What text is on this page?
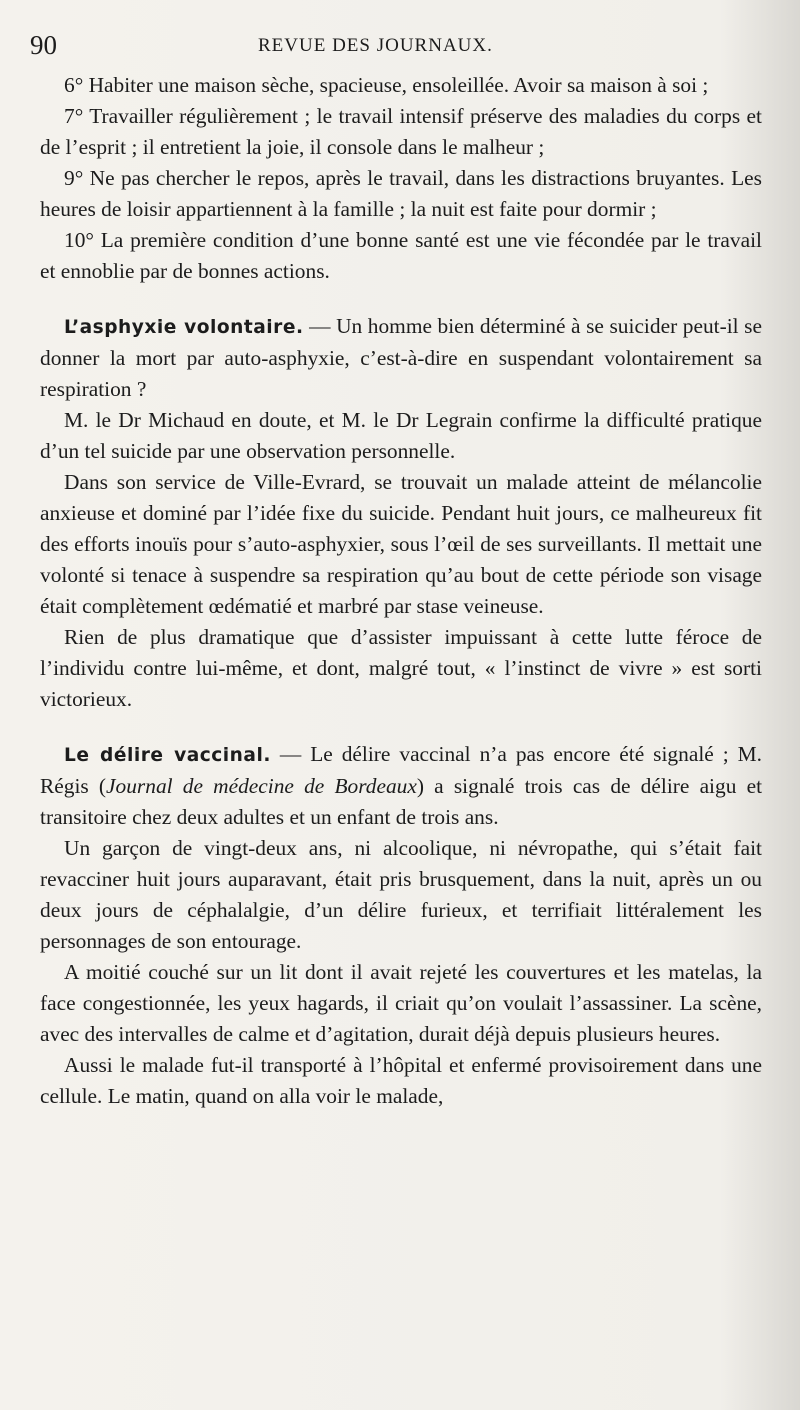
90	REVUE DES JOURNAUX.

6° Habiter une maison sèche, spacieuse, ensoleillée. Avoir sa maison à soi ;

7° Travailler régulièrement ; le travail intensif préserve des maladies du corps et de l’esprit ; il entretient la joie, il console dans le malheur ;

9° Ne pas chercher le repos, après le travail, dans les distractions bruyantes. Les heures de loisir appartiennent à la famille ; la nuit est faite pour dormir ;

10° La première condition d’une bonne santé est une vie fécondée par le travail et ennoblie par de bonnes actions.

L’asphyxie volontaire. — Un homme bien déterminé à se suicider peut-il se donner la mort par auto-asphyxie, c’est-à-dire en suspendant volontairement sa respiration ?

M. le Dr Michaud en doute, et M. le Dr Legrain confirme la difficulté pratique d’un tel suicide par une observation personnelle.

Dans son service de Ville-Evrard, se trouvait un malade atteint de mélancolie anxieuse et dominé par l’idée fixe du suicide. Pendant huit jours, ce malheureux fit des efforts inouïs pour s’auto-asphyxier, sous l’œil de ses surveillants. Il mettait une volonté si tenace à suspendre sa respiration qu’au bout de cette période son visage était complètement œdématié et marbré par stase veineuse.

Rien de plus dramatique que d’assister impuissant à cette lutte féroce de l’individu contre lui-même, et dont, malgré tout, « l’instinct de vivre » est sorti victorieux.

Le délire vaccinal. — Le délire vaccinal n’a pas encore été signalé ; M. Régis (Journal de médecine de Bordeaux) a signalé trois cas de délire aigu et transitoire chez deux adultes et un enfant de trois ans.

Un garçon de vingt-deux ans, ni alcoolique, ni névropathe, qui s’était fait revacciner huit jours auparavant, était pris brusquement, dans la nuit, après un ou deux jours de céphalalgie, d’un délire furieux, et terrifiait littéralement les personnages de son entourage.

A moitié couché sur un lit dont il avait rejeté les couvertures et les matelas, la face congestionnée, les yeux hagards, il criait qu’on voulait l’assassiner. La scène, avec des intervalles de calme et d’agitation, durait déjà depuis plusieurs heures.

Aussi le malade fut-il transporté à l’hôpital et enfermé provisoirement dans une cellule. Le matin, quand on alla voir le malade,
